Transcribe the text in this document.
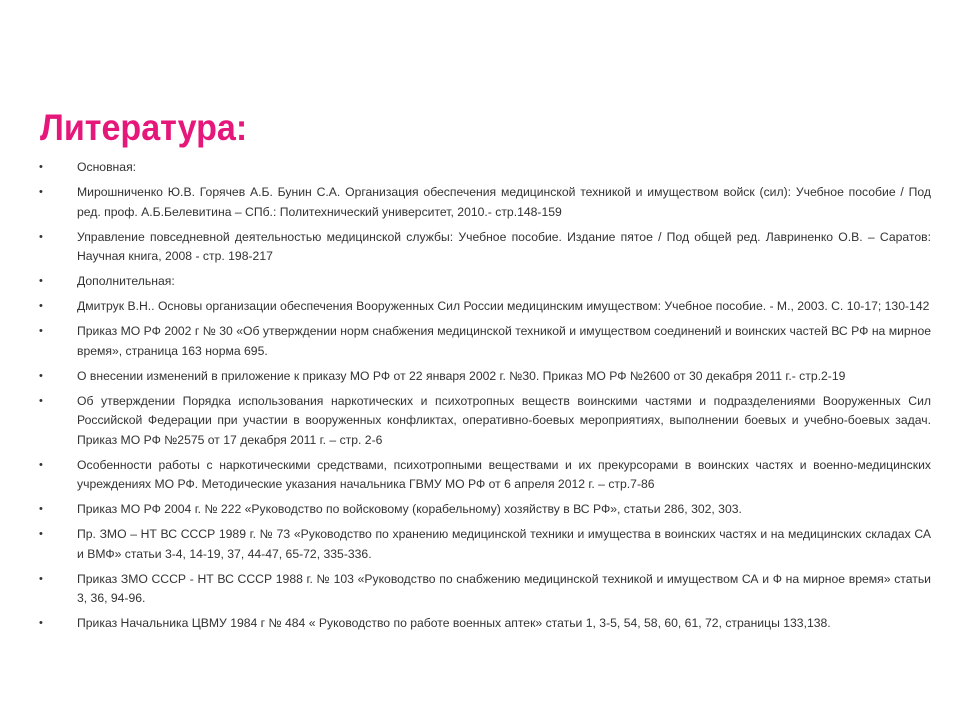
Литература:
•	Основная:
•	Мирошниченко Ю.В. Горячев А.Б. Бунин С.А. Организация обеспечения медицинской техникой и имуществом войск (сил): Учебное пособие / Под ред. проф. А.Б.Белевитина – СПб.: Политехнический университет, 2010.- стр.148-159
•	Управление повседневной деятельностью медицинской службы: Учебное пособие. Издание пятое / Под общей ред. Лавриненко О.В. – Саратов: Научная книга, 2008 - стр. 198-217
•	Дополнительная:
•	Дмитрук В.Н.. Основы организации обеспечения Вооруженных Сил России медицинским имуществом: Учебное пособие. - М., 2003. С. 10-17; 130-142
•	Приказ МО РФ 2002 г № 30 «Об утверждении норм снабжения медицинской техникой и имуществом соединений и воинских частей ВС РФ на мирное время», страница 163 норма 695.
•	О внесении изменений в приложение к приказу МО РФ от 22 января 2002 г. №30. Приказ МО РФ №2600 от 30 декабря 2011 г.- стр.2-19
•	Об утверждении Порядка использования наркотических и психотропных веществ воинскими частями и подразделениями Вооруженных Сил Российской Федерации при участии в вооруженных конфликтах, оперативно-боевых мероприятиях, выполнении боевых и учебно-боевых задач. Приказ МО РФ №2575 от 17 декабря 2011 г. – стр. 2-6
•	Особенности работы с наркотическими средствами, психотропными веществами и их прекурсорами в воинских частях и военно-медицинских учреждениях МО РФ. Методические указания начальника ГВМУ МО РФ от 6 апреля 2012 г. – стр.7-86
•	Приказ МО РФ 2004 г. № 222 «Руководство по войсковому (корабельному) хозяйству в ВС РФ», статьи 286, 302, 303.
•	Пр. ЗМО – НТ ВС СССР 1989 г. № 73 «Руководство по хранению медицинской техники и имущества в воинских частях и на медицинских складах СА и ВМФ» статьи 3-4, 14-19, 37, 44-47, 65-72, 335-336.
•	Приказ ЗМО СССР - НТ ВС СССР 1988 г. № 103 «Руководство по снабжению медицинской техникой и имуществом СА и Ф на мирное время» статьи 3, 36, 94-96.
•	Приказ Начальника ЦВМУ 1984 г № 484 « Руководство по работе военных аптек» статьи 1, 3-5, 54, 58, 60, 61, 72, страницы 133,138.
